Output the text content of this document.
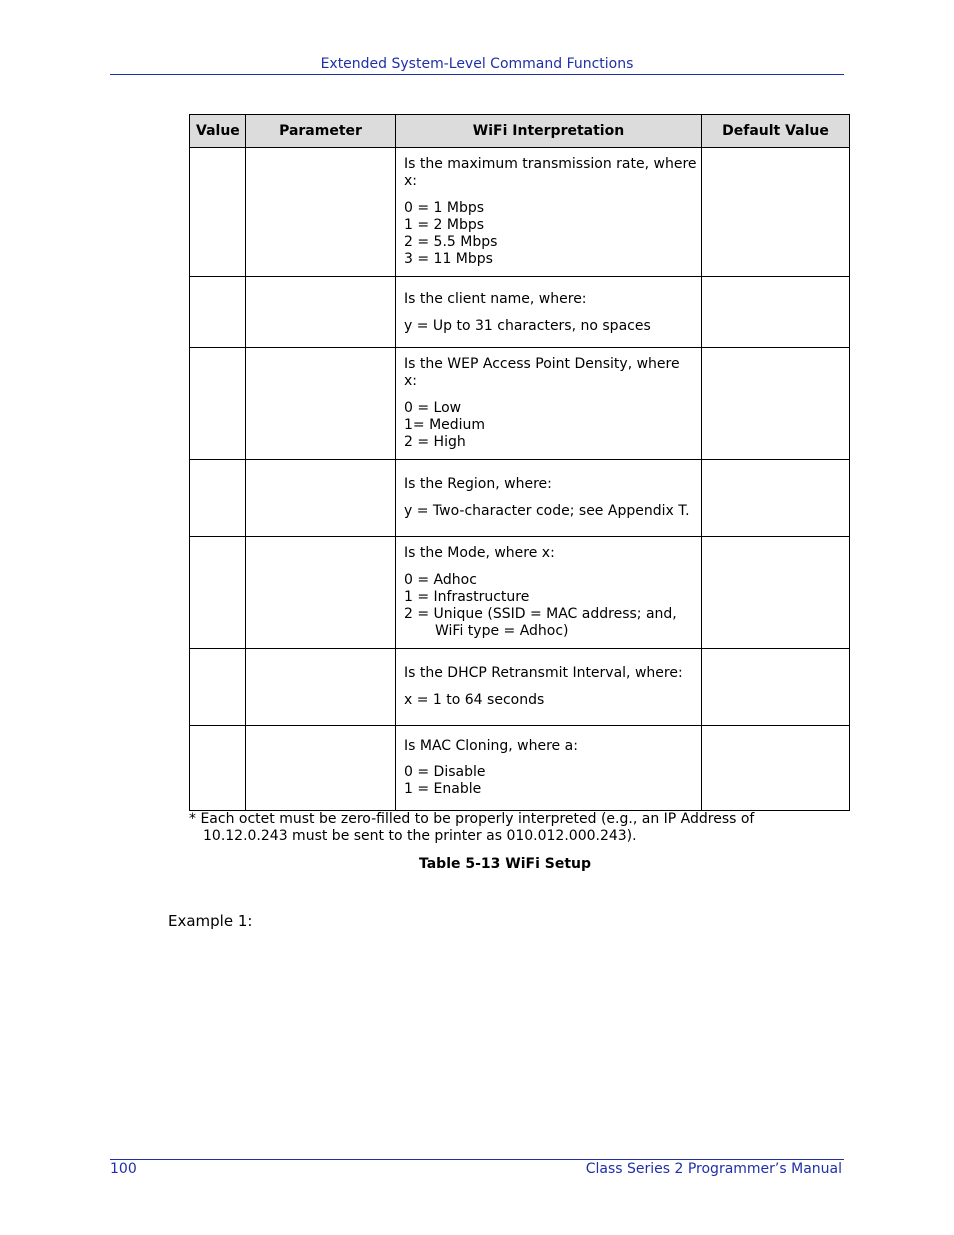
Extended System-Level Command Functions
Value	Parameter	WiFi Interpretation	Default Value

		Is the maximum transmission rate, where x:

0 = 1 Mbps

1 = 2 Mbps

2 = 5.5 Mbps

3 = 11 Mbps	

		Is the client name, where:

y = Up to 31 characters, no spaces	

		Is the WEP Access Point Density, where x:

0 = Low

1= Medium

2 = High	

		Is the Region, where:

y = Two-character code; see Appendix T.	

		Is the Mode, where x:

0 = Adhoc

1 = Infrastructure

2 = Unique (SSID = MAC address; and, WiFi type = Adhoc)	

		Is the DHCP Retransmit Interval, where:

x = 1 to 64 seconds	

		Is MAC Cloning, where a:

0 = Disable

1 = Enable	

* Each octet must be zero-filled to be properly interpreted (e.g., an IP Address of
10.12.0.243 must be sent to the printer as 010.012.000.243).
Table 5-13 WiFi Setup
Example 1:
100	Class Series 2 Programmer’s Manual
